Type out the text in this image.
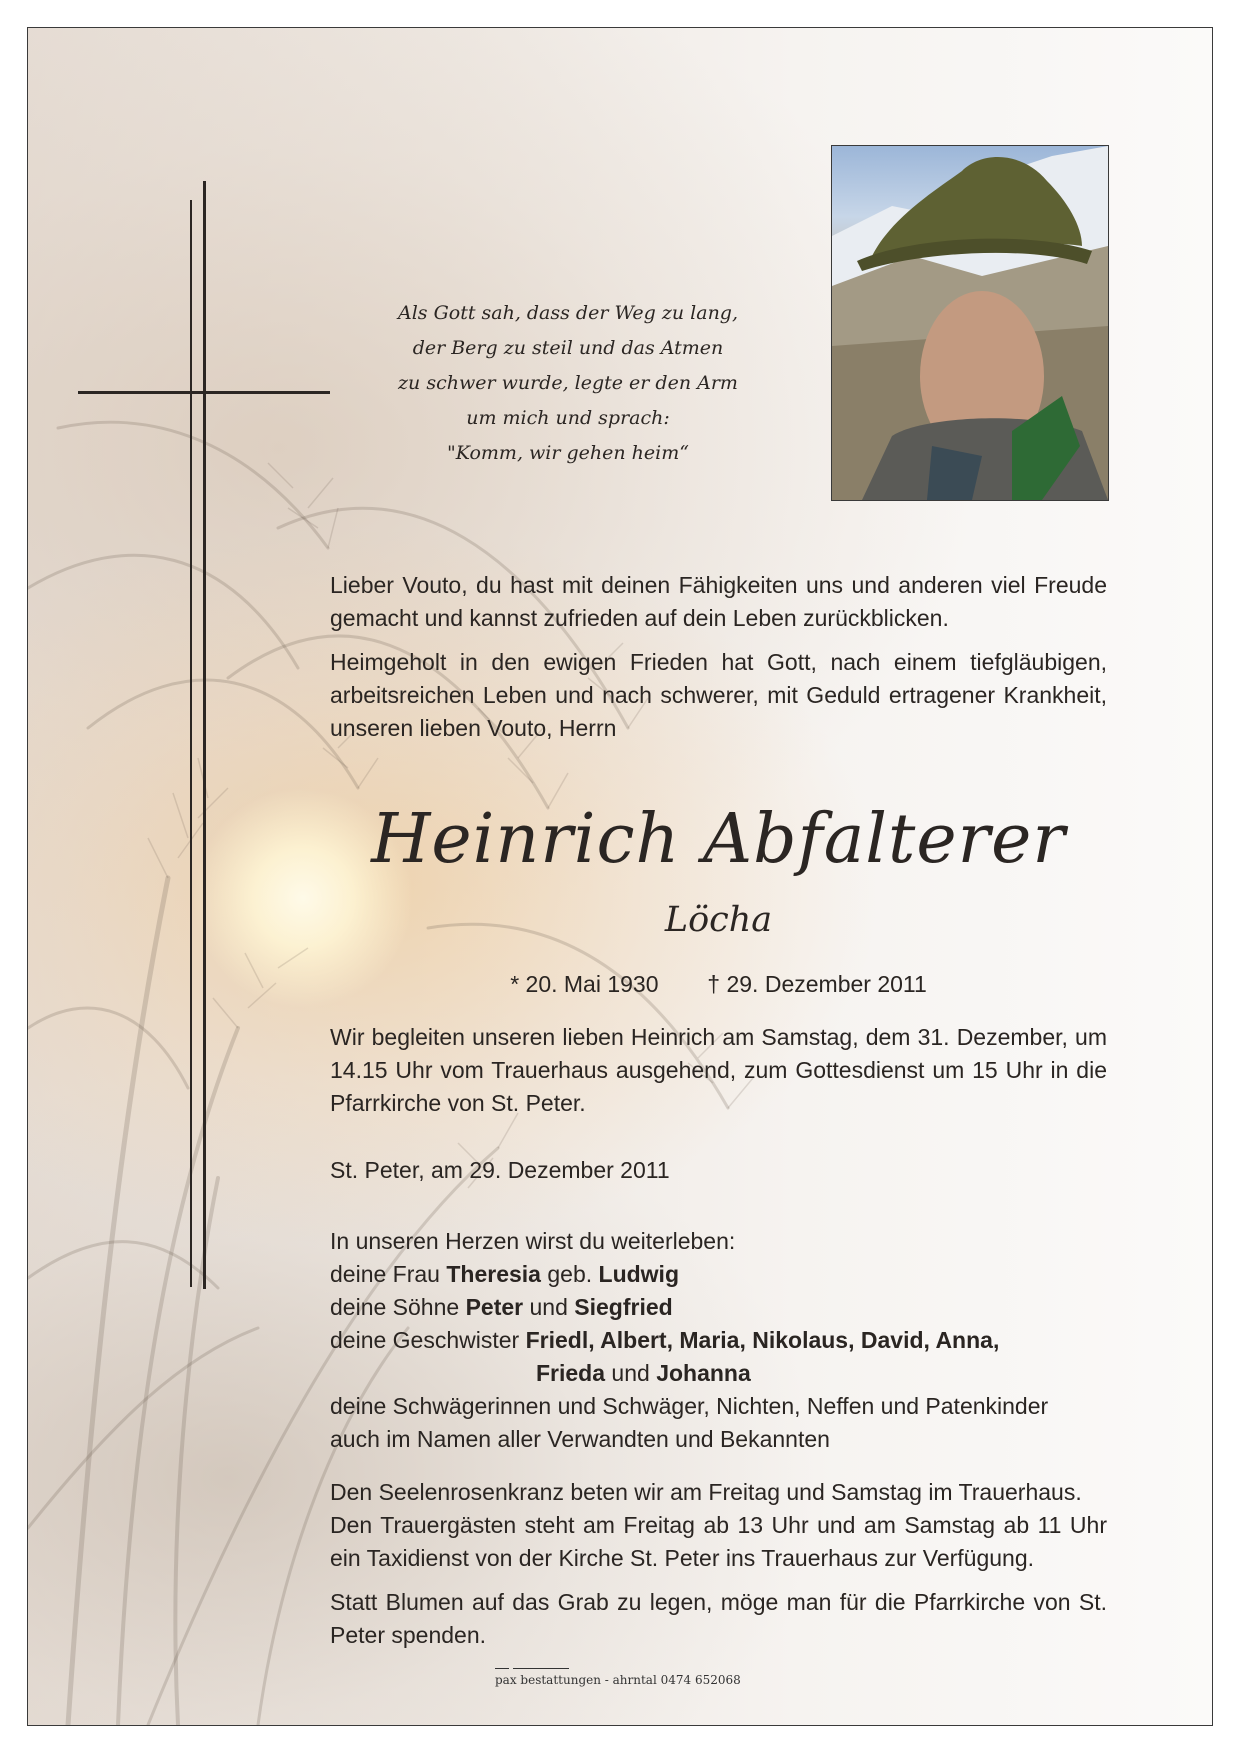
Als Gott sah, dass der Weg zu lang,
der Berg zu steil und das Atmen
zu schwer wurde, legte er den Arm
um mich und sprach:
"Komm, wir gehen heim“
Lieber Vouto, du hast mit deinen Fähigkeiten uns und anderen viel Freude gemacht und kannst zufrieden auf dein Leben zurückblicken.
Heimgeholt in den ewigen Frieden hat Gott, nach einem tiefgläubigen, arbeitsreichen Leben und nach schwerer, mit Geduld ertragener Krankheit, unseren lieben Vouto, Herrn
Heinrich Abfalterer
Löcha
* 20. Mai 1930 † 29. Dezember 2011
Wir begleiten unseren lieben Heinrich am Samstag, dem 31. Dezember, um 14.15 Uhr vom Trauerhaus ausgehend, zum Gottesdienst um 15 Uhr in die Pfarrkirche von St. Peter.
St. Peter, am 29. Dezember 2011
In unseren Herzen wirst du weiterleben:
deine Frau Theresia geb. Ludwig
deine Söhne Peter und Siegfried
deine Geschwister Friedl, Albert, Maria, Nikolaus, David, Anna,
Frieda und Johanna
deine Schwägerinnen und Schwäger, Nichten, Neffen und Patenkinder
auch im Namen aller Verwandten und Bekannten
Den Seelenrosenkranz beten wir am Freitag und Samstag im Trauerhaus.
Den Trauergästen steht am Freitag ab 13 Uhr und am Samstag ab 11 Uhr ein Taxidienst von der Kirche St. Peter ins Trauerhaus zur Verfügung.
Statt Blumen auf das Grab zu legen, möge man für die Pfarrkirche von St. Peter spenden.
pax bestattungen - ahrntal 0474 652068
